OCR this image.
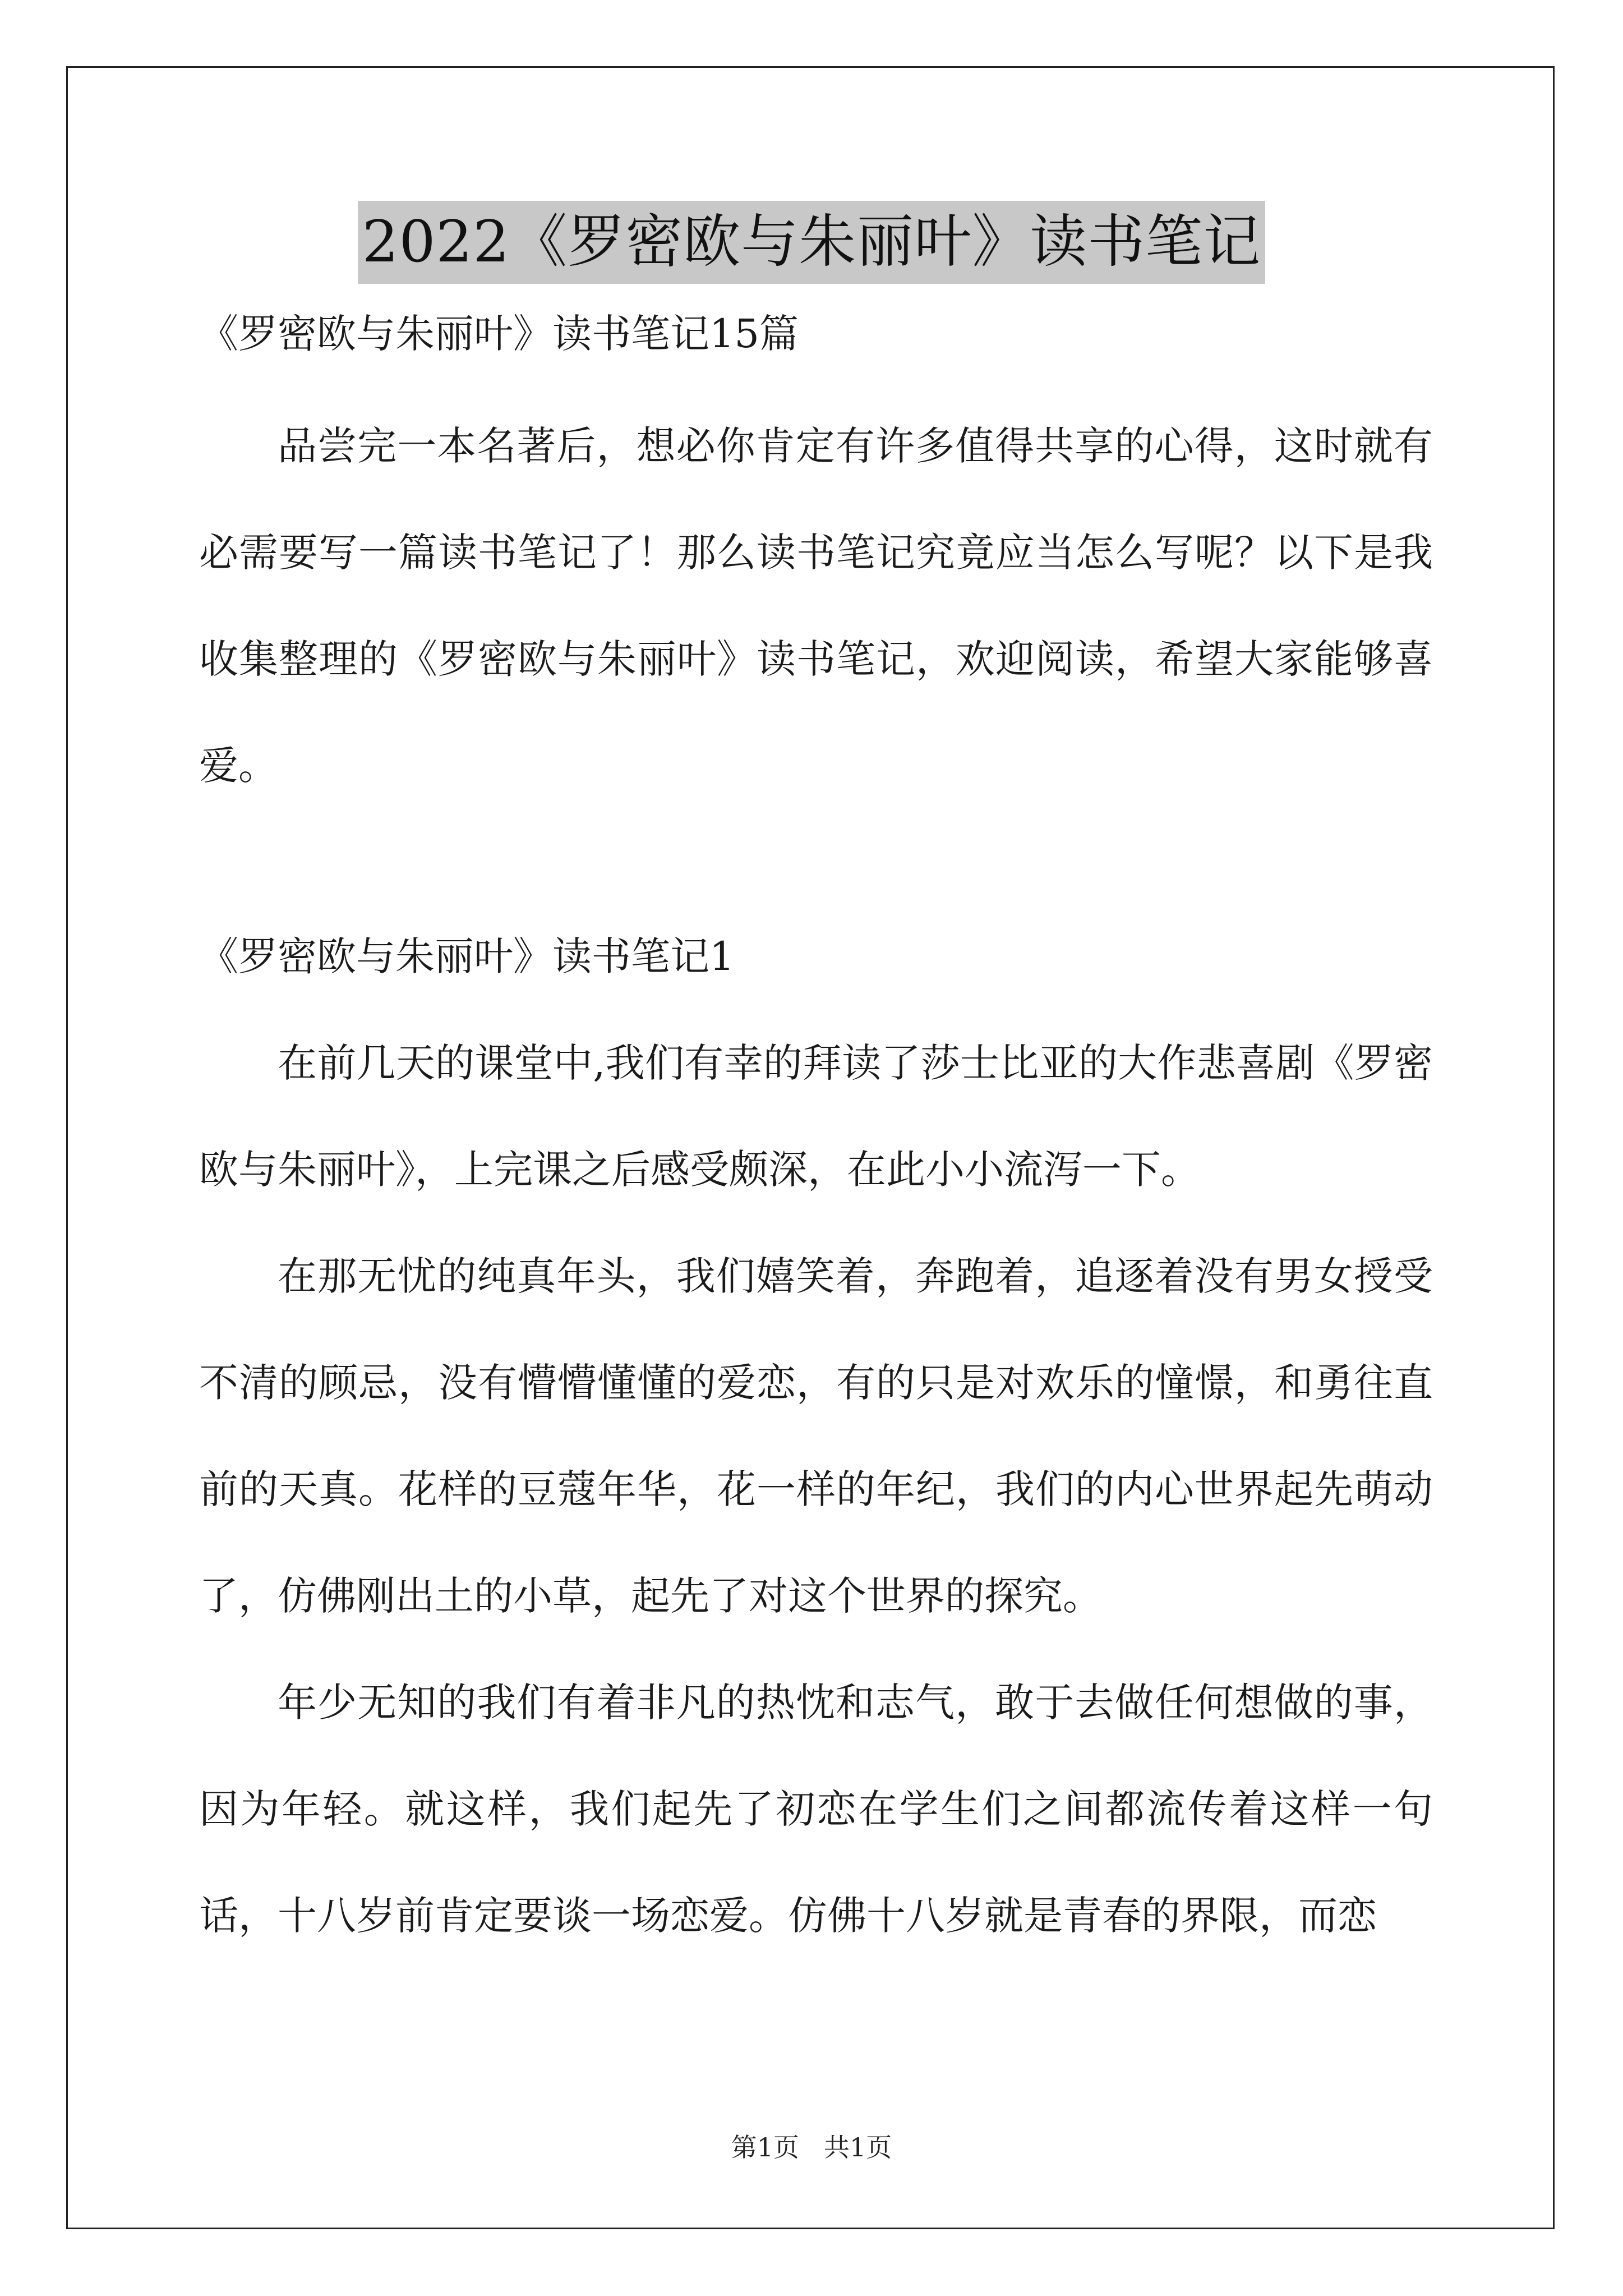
2022《罗密欧与朱丽叶》读书笔记

《罗密欧与朱丽叶》读书笔记15篇

品尝完一本名著后，想必你肯定有许多值得共享的心得，这时就有必需要写一篇读书笔记了！那么读书笔记究竟应当怎么写呢？以下是我收集整理的《罗密欧与朱丽叶》读书笔记，欢迎阅读，希望大家能够喜爱。

《罗密欧与朱丽叶》读书笔记1

在前几天的课堂中,我们有幸的拜读了莎士比亚的大作悲喜剧《罗密欧与朱丽叶》，上完课之后感受颇深，在此小小流泻一下。

在那无忧的纯真年头，我们嬉笑着，奔跑着，追逐着没有男女授受不清的顾忌，没有懵懵懂懂的爱恋，有的只是对欢乐的憧憬，和勇往直前的天真。花样的豆蔻年华，花一样的年纪，我们的内心世界起先萌动了，仿佛刚出土的小草，起先了对这个世界的探究。

年少无知的我们有着非凡的热忱和志气，敢于去做任何想做的事，因为年轻。就这样，我们起先了初恋在学生们之间都流传着这样一句话，十八岁前肯定要谈一场恋爱。仿佛十八岁就是青春的界限，而恋

第1页 共1页
